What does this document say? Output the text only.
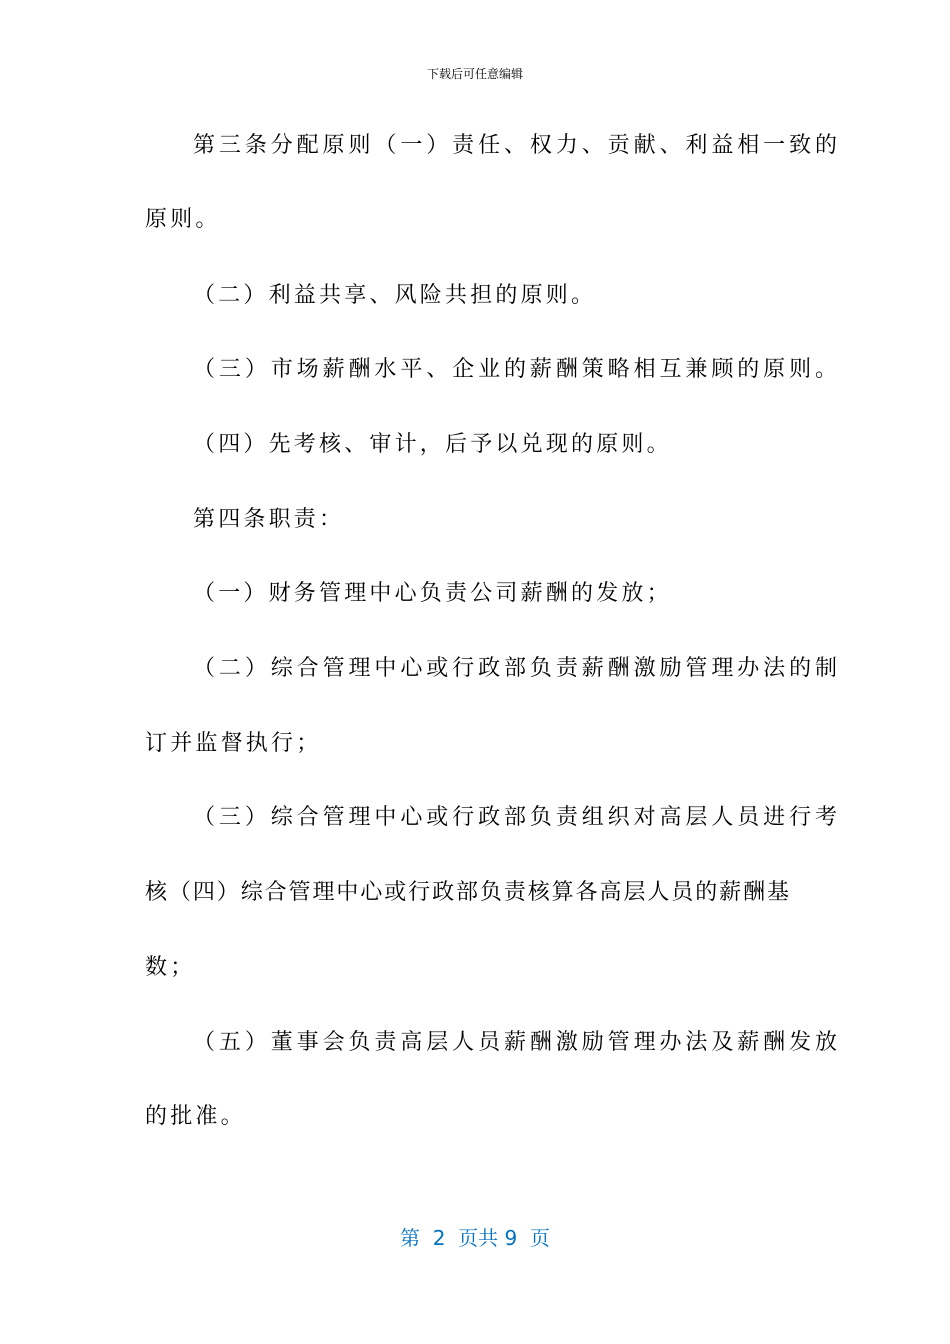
下载后可任意编辑
第三条分配原则（一）责任、权力、贡献、利益相一致的
原则。
（二）利益共享、风险共担的原则。
（三）市场薪酬水平、企业的薪酬策略相互兼顾的原则。
（四）先考核、审计，后予以兑现的原则。
第四条职责：
（一）财务管理中心负责公司薪酬的发放；
（二）综合管理中心或行政部负责薪酬激励管理办法的制
订并监督执行；
（三）综合管理中心或行政部负责组织对高层人员进行考
核（四）综合管理中心或行政部负责核算各高层人员的薪酬基
数；
（五）董事会负责高层人员薪酬激励管理办法及薪酬发放
的批准。
第  2  页共 9  页
